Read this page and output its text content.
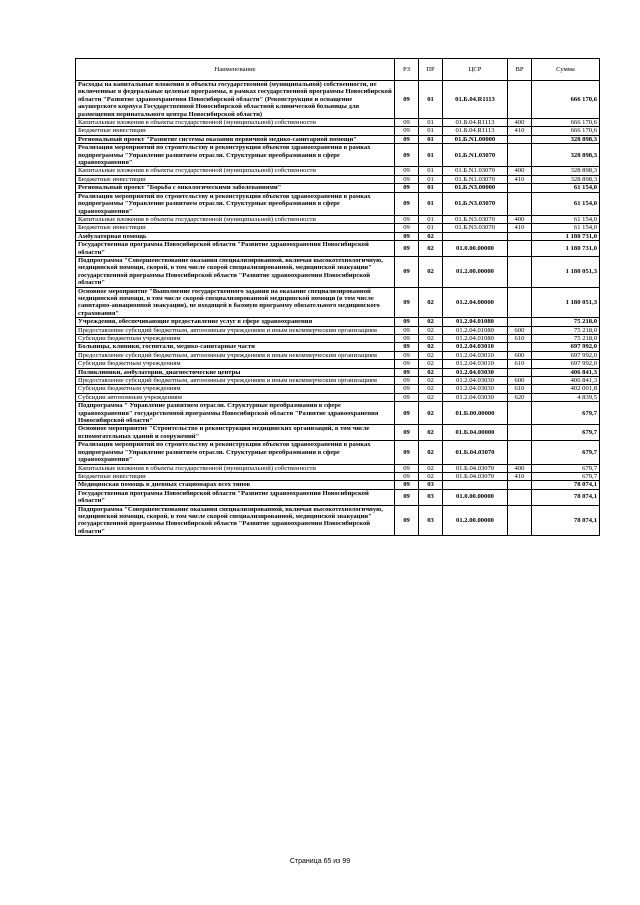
Наименование	РЗ	ПР	ЦСР	ВР	Сумма
Расходы на капитальные вложения в объекты государственной (муниципальной) собственности, не включенные в федеральные целевые программы, в рамках государственной программы Новосибирской области "Развитие здравоохранения Новосибирской области" (Реконструкция и оснащение акушерского корпуса Государственной Новосибирской областной клинической больницы для размещения перинатального центра Новосибирской области)	09	01	01.Б.04.R1113		666 170,6
Капитальные вложения в объекты государственной (муниципальной) собственности	09	01	01.Б.04.R1113	400	666 170,6
Бюджетные инвестиции	09	01	01.Б.04.R1113	410	666 170,6
Региональный проект "Развитие системы оказания первичной медико-санитарной помощи"	09	01	01.Б.N1.00000		328 898,3
Реализация мероприятий по строительству и реконструкции объектов здравоохранения в рамках подпрограммы "Управление развитием отрасли. Структурные преобразования в сфере здравоохранения"	09	01	01.Б.N1.03070		328 898,3
Капитальные вложения в объекты государственной (муниципальной) собственности	09	01	01.Б.N1.03070	400	328 898,3
Бюджетные инвестиции	09	01	01.Б.N1.03070	410	328 898,3
Региональный проект "Борьба с онкологическими заболеваниями"	09	01	01.Б.N3.00000		61 154,0
Реализация мероприятий по строительству и реконструкции объектов здравоохранения в рамках подпрограммы "Управление развитием отрасли. Структурные преобразования в сфере здравоохранения"	09	01	01.Б.N3.03070		61 154,0
Капитальные вложения в объекты государственной (муниципальной) собственности	09	01	01.Б.N3.03070	400	61 154,0
Бюджетные инвестиции	09	01	01.Б.N3.03070	410	61 154,0
Амбулаторная помощь	09	02			1 180 731,0
Государственная программа Новосибирской области "Развитие здравоохранения Новосибирской области"	09	02	01.0.00.00000		1 180 731,0
Подпрограмма "Совершенствование оказания специализированной, включая высокотехнологичную, медицинской помощи, скорой, в том числе скорой специализированной, медицинской эвакуации" государственной программы Новосибирской области "Развитие здравоохранения Новосибирской области"	09	02	01.2.00.00000		1 180 051,3
Основное мероприятие "Выполнение государственного задания на оказание специализированной медицинской помощи, в том числе скорой специализированной медицинской помощи (в том числе санитарно-авиационной эвакуации), не входящей в базовую программу обязательного медицинского страхования"	09	02	01.2.04.00000		1 180 051,3
Учреждения, обеспечивающие предоставление услуг в сфере здравоохранения	09	02	01.2.04.01080		75 218,0
Предоставление субсидий бюджетным, автономным учреждениям и иным некоммерческим организациям	09	02	01.2.04.01080	600	75 218,0
Субсидии бюджетным учреждениям	09	02	01.2.04.01080	610	75 218,0
Больницы, клиники, госпитали, медико-санитарные части	09	02	01.2.04.03010		697 992,0
Предоставление субсидий бюджетным, автономным учреждениям и иным некоммерческим организациям	09	02	01.2.04.03010	600	697 992,0
Субсидии бюджетным учреждениям	09	02	01.2.04.03010	610	697 992,0
Поликлиники, амбулатории, диагностические центры	09	02	01.2.04.03030		406 841,3
Предоставление субсидий бюджетным, автономным учреждениям и иным некоммерческим организациям	09	02	01.2.04.03030	600	406 841,3
Субсидии бюджетным учреждениям	09	02	01.2.04.03030	610	402 001,8
Субсидии автономным учреждениям	09	02	01.2.04.03030	620	4 839,5
Подпрограмма " Управление развитием отрасли. Структурные преобразования в сфере здравоохранения" государственной программы Новосибирской области "Развитие здравоохранения Новосибирской области"	09	02	01.Б.00.00000		679,7
Основное мероприятие "Строительство и реконструкция медицинских организаций, в том числе вспомогательных зданий и сооружений"	09	02	01.Б.04.00000		679,7
Реализация мероприятий по строительству и реконструкции объектов здравоохранения в рамках подпрограммы "Управление развитием отрасли. Структурные преобразования в сфере здравоохранения"	09	02	01.Б.04.03070		679,7
Капитальные вложения в объекты государственной (муниципальной) собственности	09	02	01.Б.04.03070	400	679,7
Бюджетные инвестиции	09	02	01.Б.04.03070	410	679,7
Медицинская помощь в дневных стационарах всех типов	09	03			78 074,1
Государственная программа Новосибирской области "Развитие здравоохранения Новосибирской области"	09	03	01.0.00.00000		78 074,1
Подпрограмма "Совершенствование оказания специализированной, включая высокотехнологичную, медицинской помощи, скорой, в том числе скорой специализированной, медицинской эвакуации" государственной программы Новосибирской области "Развитие здравоохранения Новосибирской области"	09	03	01.2.00.00000		78 074,1
Страница 65 из 99
